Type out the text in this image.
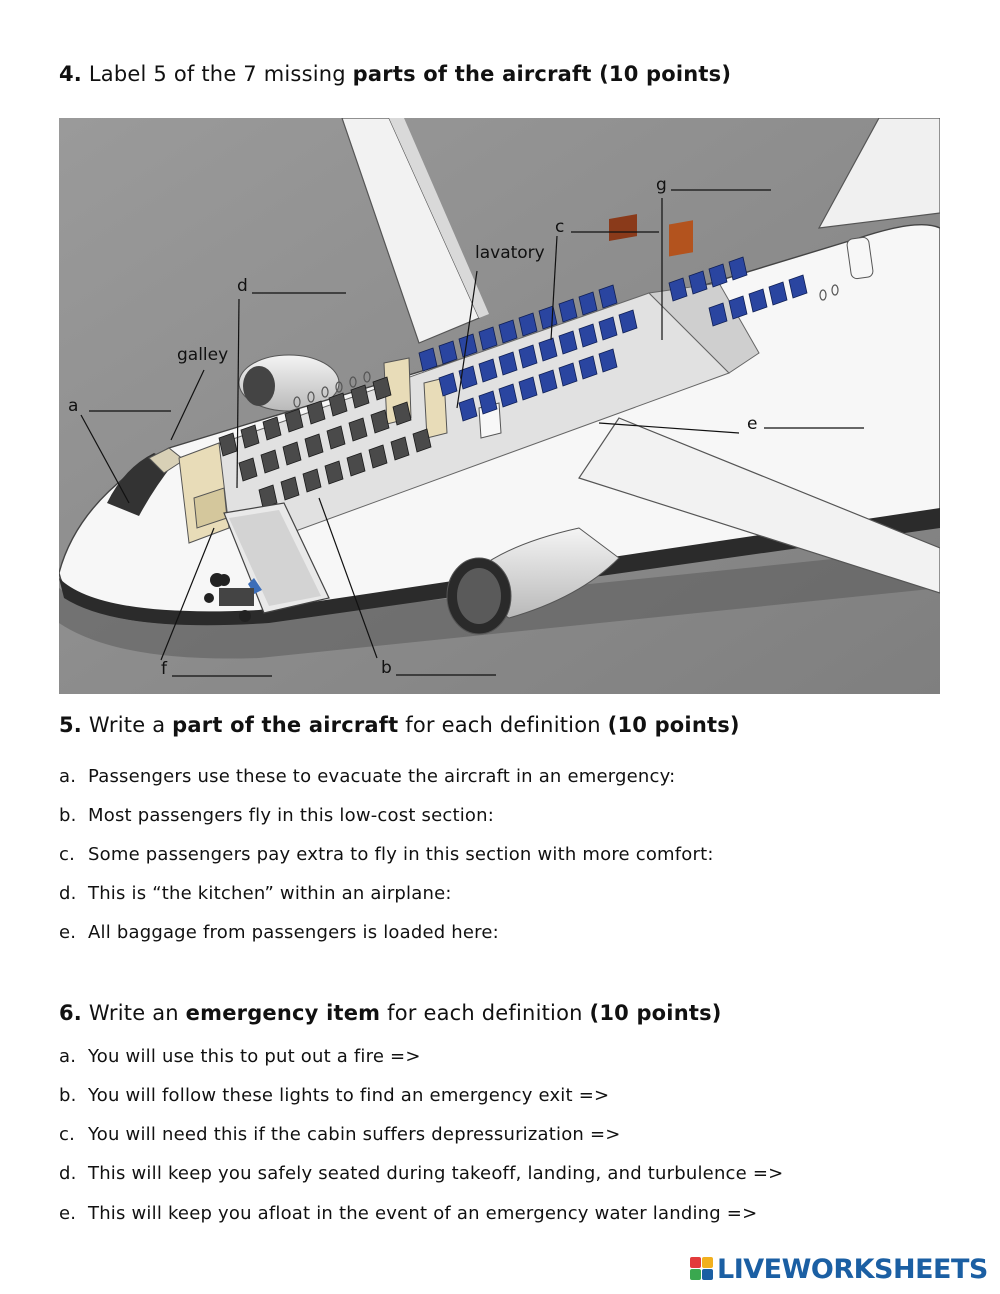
4. Label 5 of the 7 missing parts of the aircraft (10 points)
a
galley
d
lavatory
c
g
e
f	b
5. Write a part of the aircraft for each definition (10 points)
a. Passengers use these to evacuate the aircraft in an emergency:
b. Most passengers fly in this low-cost section:
c. Some passengers pay extra to fly in this section with more comfort:
d. This is “the kitchen” within an airplane:
e. All baggage from passengers is loaded here:
6. Write an emergency item for each definition (10 points)
a. You will use this to put out a fire =>
b. You will follow these lights to find an emergency exit =>
c. You will need this if the cabin suffers depressurization =>
d. This will keep you safely seated during takeoff, landing, and turbulence =>
e. This will keep you afloat in the event of an emergency water landing =>
LIVEWORKSHEETS
